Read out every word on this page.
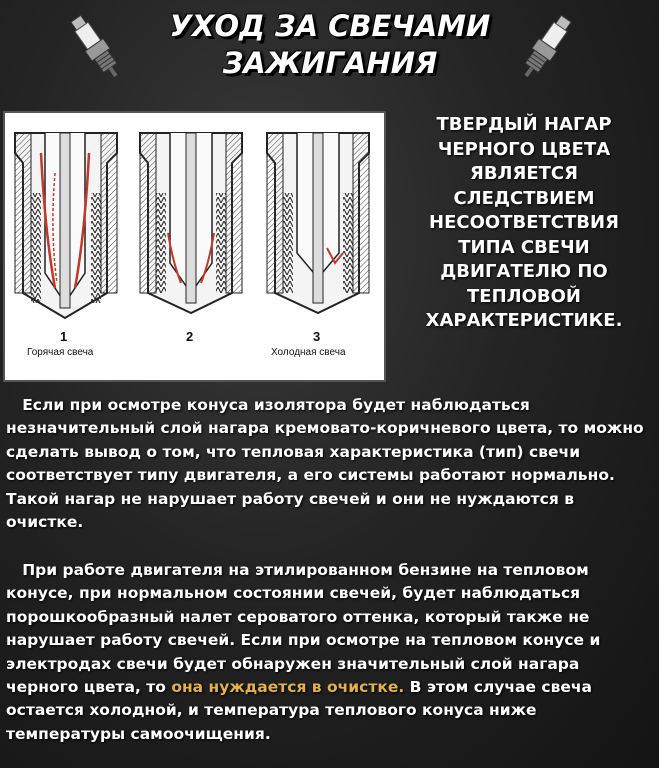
УХОД ЗА СВЕЧАМИ
ЗАЖИГАНИЯ
1
Горячая свеча
2	3
Холодная свеча
ТВЕРДЫЙ НАГАР ЧЕРНОГО ЦВЕТА ЯВЛЯЕТСЯ СЛЕДСТВИЕМ НЕСООТВЕТСТВИЯ ТИПА СВЕЧИ ДВИГАТЕЛЮ ПО ТЕПЛОВОЙ ХАРАКТЕРИСТИКЕ.

Если при осмотре конуса изолятора будет наблюдаться незначительный слой нагара кремовато-коричневого цвета, то можно сделать вывод о том, что тепловая характеристика (тип) свечи соответствует типу двигателя, а его системы работают нормально. Такой нагар не нарушает работу свечей и они не нуждаются в очистке.

При работе двигателя на этилированном бензине на тепловом конусе, при нормальном состоянии свечей, будет наблюдаться порошкообразный налет сероватого оттенка, который также не нарушает работу свечей. Если при осмотре на тепловом конусе и электродах свечи будет обнаружен значительный слой нагара черного цвета, то она нуждается в очистке. В этом случае свеча остается холодной, и температура теплового конуса ниже температуры самоочищения.
